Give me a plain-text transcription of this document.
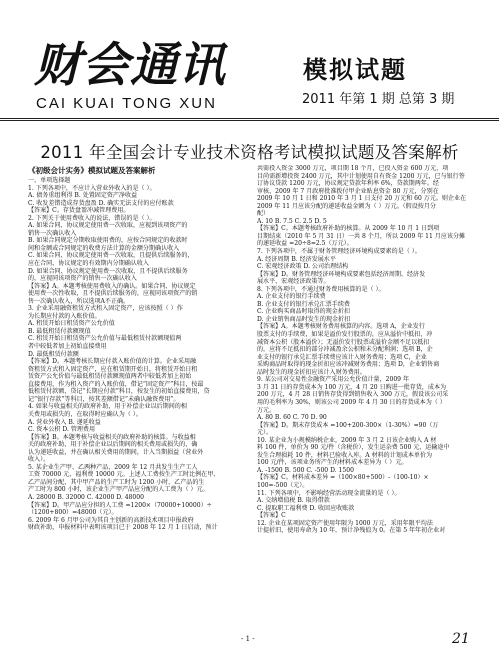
财会通讯
CAI KUAI TONG XUN
模拟试题
2011 年第 1 期 总第 3 期
2011 年全国会计专业技术资格考试模拟试题及答案解析

《初级会计实务》模拟试题及答案解析

一、单项选择题

1. 下列各项中，不应计入营业外收入的是（ ）。

A. 债务重组利得 B. 处置固定资产净收益

C. 收发差错造成存货盘盈 D. 确实无法支付的应付账款

【答案】C。存货盘盈冲减管理费用。

2. 下列关于使用费收入的说法，错误的是（ ）。

A. 如果合同、协议规定使用费一次收取，应视到该项资产的

销售一次确认收入

B. 如果合同规定分期收取使用费的，应按合同规定的收款时

间和金额或合同规定的收费方法计算的金额分期确认收入

C. 如果合同、协议规定使用费一次收取，且提供后续服务的，

应在合同、协议规定的有效期内分期确认收入

D. 如果合同、协议规定使用费一次收取，且不提供后续服务

的，应视同该项资产的销售一次确认收入

【答案】A。本题考核使用费收入的确认。如果合同、协议规定

使用费一次性收取，且不提供后续服务的，应视同该项资产的销

售一次确认收入，所以选项A不正确。

3. 企业采用融资租赁方式租入固定资产，应该按照（ ）作

为长期应付款的入账价值。

A. 租赁开始日租赁资产公允价值

B. 最低租赁付款额现值

C. 租赁开始日租赁资产公允价值与最低租赁付款额现值两

者中较低者加上初始直接费用

D. 最低租赁付款额

【答案】D。本题考核长期应付款入账价值的计算。企业采用融

资租赁方式租入固定资产，应在租赁期开始日，将租赁开始日租

赁资产公允价值与最低租赁付款额现值两者中较低者加上初始

直接费用，作为租入资产的入账价值，借记“固定资产”科目，按最

低租赁付款额，贷记“长期应付款”科目，按发生的初始直接费用，贷

记“银行存款”等科目，按其差额借记“未确认融资费用”。

4. 如果与收益相关的政府补助，用于补偿企业以后期间的相

关费用或损失的，在取得时应确认为（ ）。

A. 营业外收入 B. 递延收益

C. 资本公积 D. 管理费用

【答案】B。本题考核与收益相关的政府补助的核算。与收益相

关的政府补助，用于补偿企业以后期间的相关费用或损失的，确

认为递延收益，并在确认相关费用的期间，计入当期损益（营业外

收入）。

5. 某企业生产甲、乙两种产品，2009 年 12 月共发生生产工人

工资 70000 元，福利费 10000 元。上述人工费按生产工时比例在甲、

乙产品间分配，其中甲产品的生产工时为 1200 小时，乙产品的生

产工时为 800 小时，该企业生产甲产品应分配的人工费为（ ）元。

A. 28000 B. 32000 C. 42000 D. 48000

【答案】D。甲产品应分担的人工费 =1200×（70000+10000）÷

（1200+800）=48000（元）。

6. 2009 年 6 月甲公司为其自主创新的高新技术项目申报政府

财政补助，申报材料中表明该项目已于 2008 年 12 月 1 日启动，预计

共需投入资金 3000 万元，项目期 18 个月，已投入资金 600 万元，项

目尚需新增投资 2400 万元，其中计划使用自有资金 1200 万元，已与银行签

订协议贷款 1200 万元，协议规定贷款年利率 6%，贷款期两年。经

审核，2009 年 7 月政府批准拨付甲企业贴息资金 80 万元，分别在

2009 年 10 月 1 日和 2010 年 3 月 1 日支付 20 万元和 60 万元。则企业在

2009 年 11 月应该分配的递延收益金额为（ ）万元。（假设按月分

配）

A. 10 B. 7.5 C. 2.5 D. 5

【答案】C。本题考核政府补助的核算。从 2009 年 10 月 1 日到项

目期结束（2010 年 5 月 31 日）一共 8 个月，所以 2009 年 11 月应该分摊

的递延收益 =20÷8=2.5（万元）。

7. 下列各项中，不属于财务管理经济环境构成要素的是（ ）。

A. 经济周期 B. 经济发展水平

C. 宏观经济政策 D. 公司治理结构

【答案】D。财务管理经济环境构成要素包括经济周期、经济发

展水平、宏观经济政策等。

8. 下列各项中，不通过财务费用核算的是（ ）。

A. 企业支付的银行手续费

B. 企业支付的银行承兑汇票手续费

C. 企业购买商品时取得的现金折扣

D. 企业销售商品时发生的现金折扣

【答案】A。本题考核财务费用核算的内容。选项 A，企业发行

股票支付的手续费，如果是溢价发行股票的，应从溢价中抵扣，冲

减资本公积（股本溢价）；无溢价发行股票或溢价金额不足以抵扣

的，应将不足抵扣的部分冲减盈余公积和未分配利润；选项 B，企

业支付的银行承兑汇票手续费应该计入财务费用；选项 C，企业

采购商品时取得的现金折扣应该冲减财务费用；选项 D，企业销售商

品时发生的现金折扣应该计入财务费用。

9. 某公司对交易性金融资产采用公允价值计量，2009 年

3 月 31 日的存货成本为 100 万元，4 月 20 日购进一批存货，成本为

200 万元，4 月 28 日销售存货得到销售收入 300 万元，假设该公司采

用的毛利率为 30%，则该公司 2009 年 4 月 30 日的存货成本为（ ）

万元。

A. 80 B. 60 C. 70 D. 90

【答案】D。期末存货成本 =100+200-300×（1-30%）=90（万

元）。

10. 某企业为小规模纳税企业，2009 年 3 月 2 日该企业购入 A 材

料 100 件，单价为 90 元/件（含税价），发生运杂费 500 元，运输途中

发生合理损耗 10 件，材料已验收入库。A 材料的计划成本单价为

100 元/件，该项业务所产生的材料成本差异为（ ）元。

A. -1500 B. 500 C. -500 D. 1500

【答案】C。材料成本差异 =（100×80+500）-（100-10）×

100=-500（元）。

11. 下列各项中，不影响经营活动现金流量的是（ ）。

A. 交纳增值税 B. 取得借款

C. 提取职工福利费 D. 收回应收账款

【答案】C

12. 企业在某项固定资产使用年限为 1000 万元，采用年限平均法

计提折旧，使用寿命为 10 年，预计净残值为 0。在第 5 年年初企业对

- 1 -	21
